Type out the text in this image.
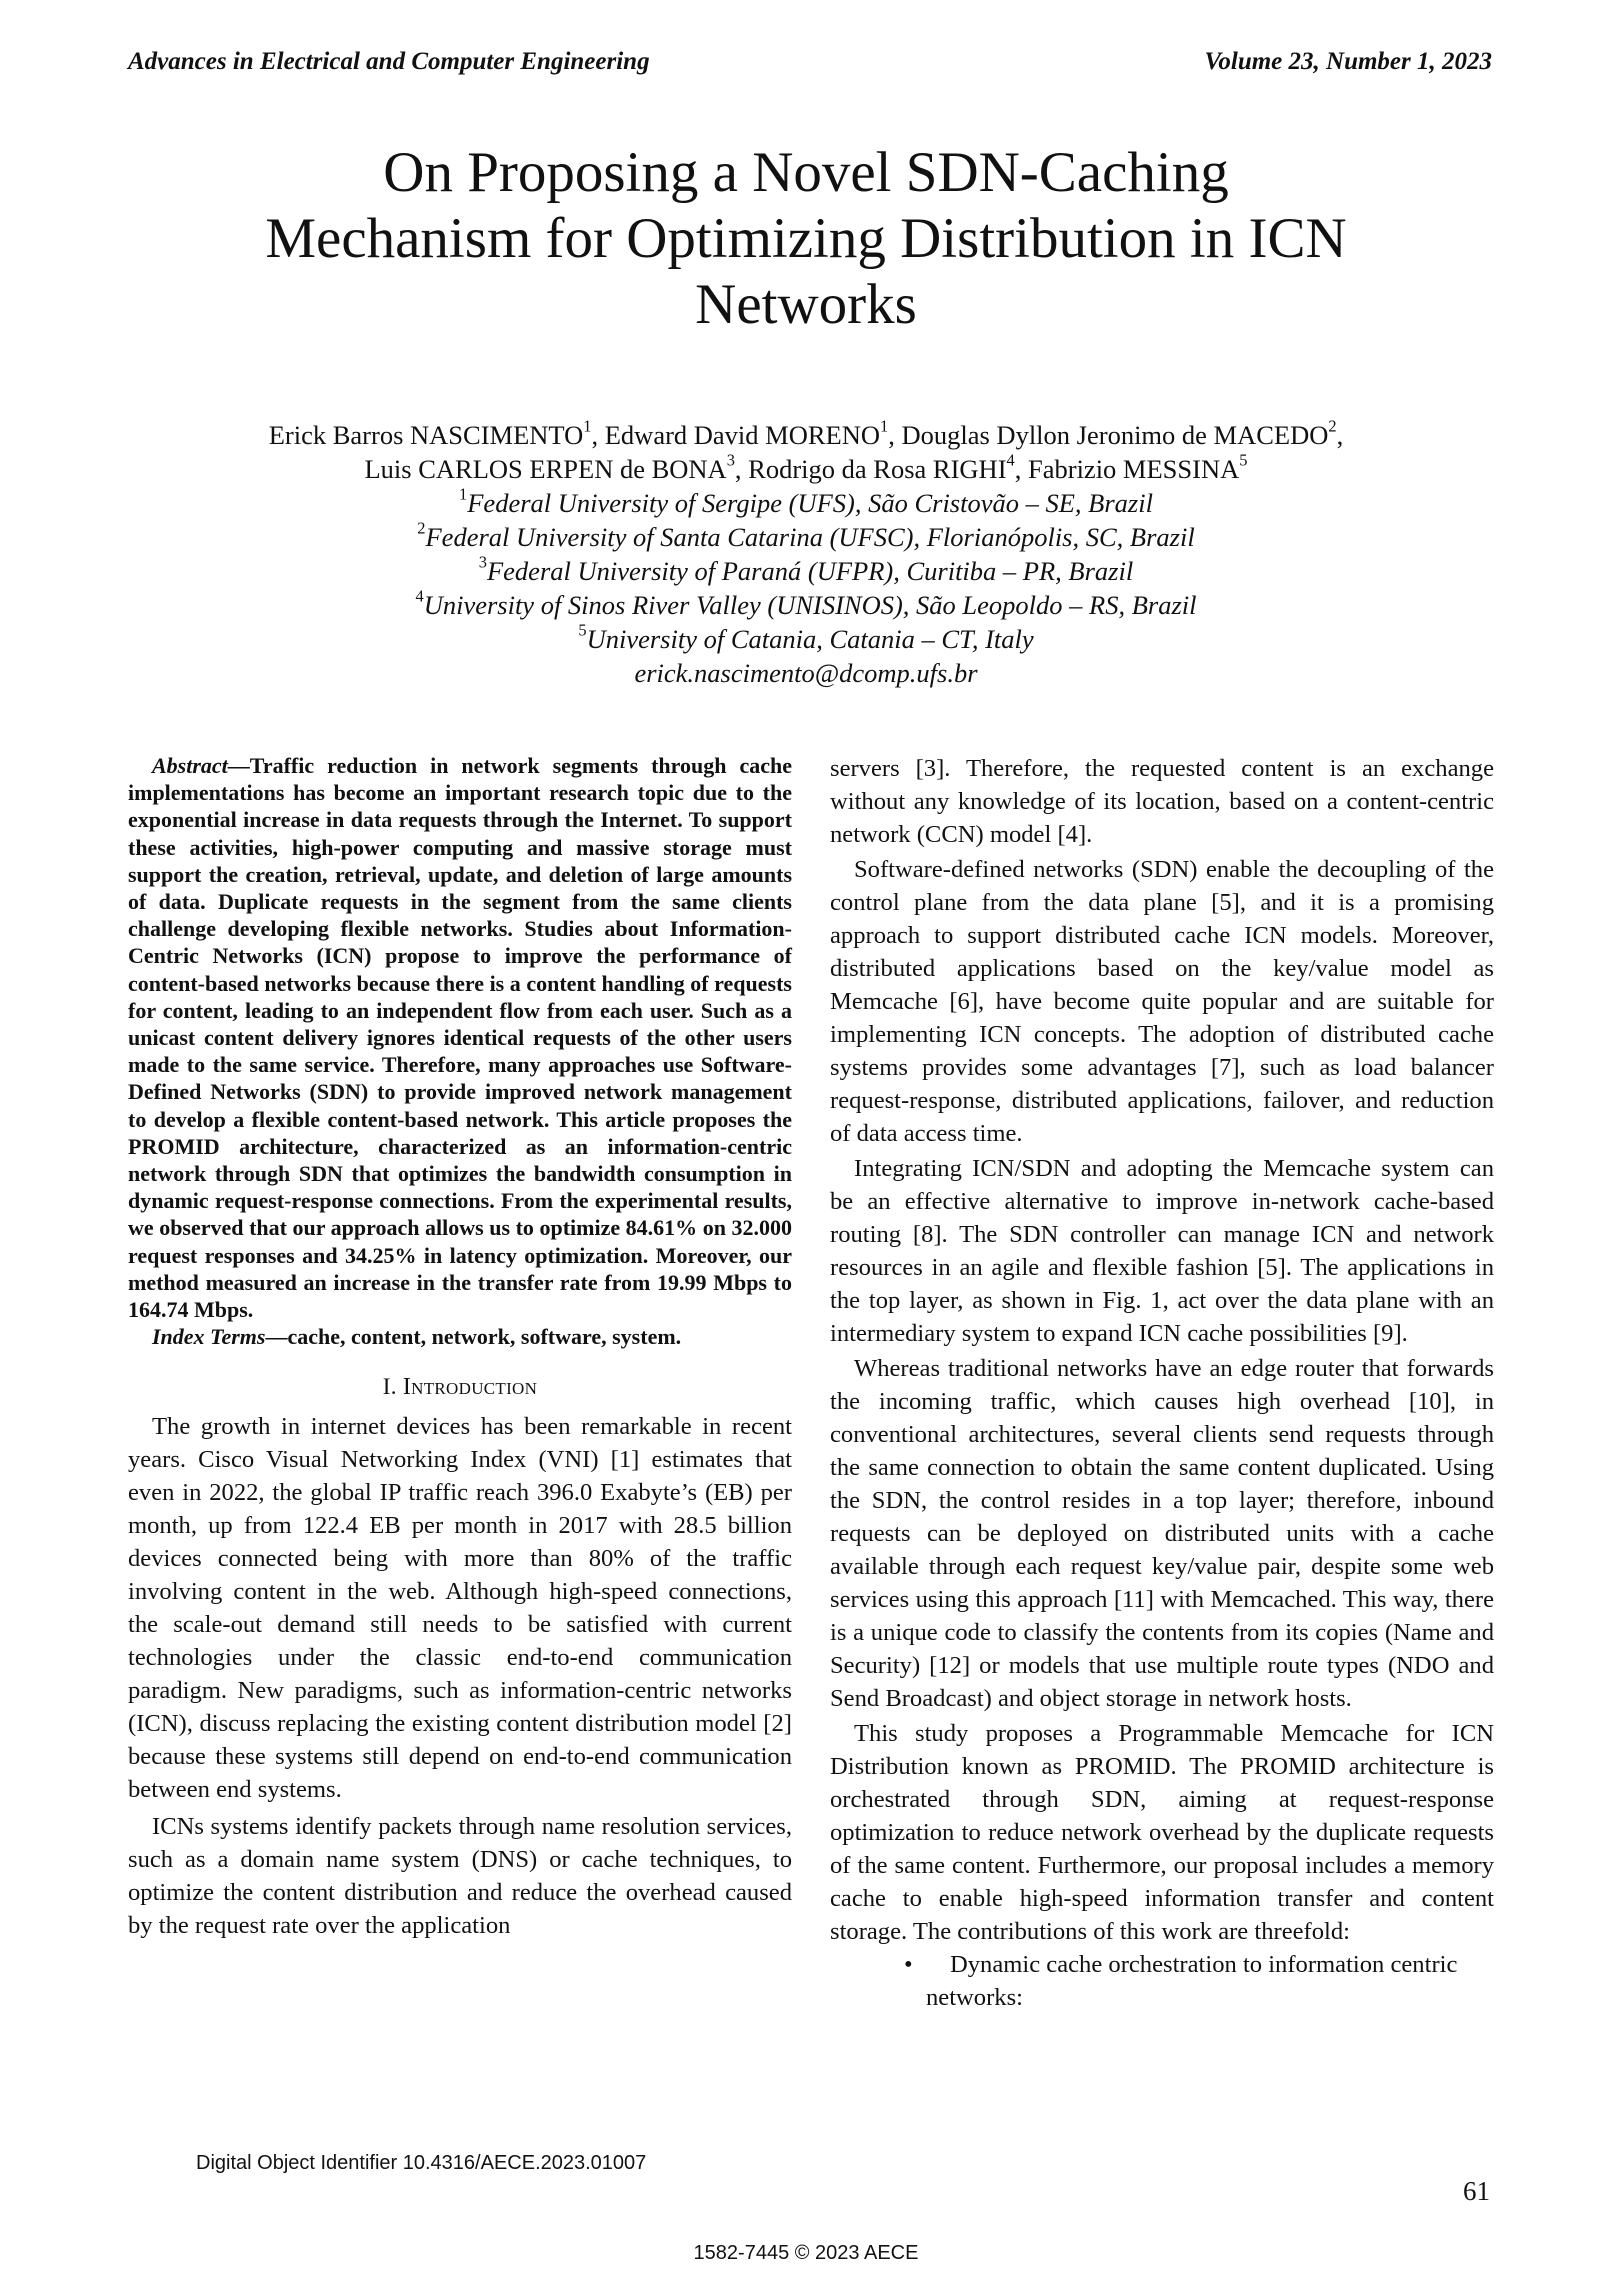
Advances in Electrical and Computer Engineering	Volume 23, Number 1, 2023
On Proposing a Novel SDN-Caching
Mechanism for Optimizing Distribution in ICN
Networks
Erick Barros NASCIMENTO$^1$, Edward David MORENO$^1$, Douglas Dyllon Jeronimo de MACEDO$^2$,
Luis CARLOS ERPEN de BONA$^3$, Rodrigo da Rosa RIGHI$^4$, Fabrizio MESSINA$^5$
$^1$Federal University of Sergipe (UFS), São Cristovão – SE, Brazil
$^2$Federal University of Santa Catarina (UFSC), Florianópolis, SC, Brazil
$^3$Federal University of Paraná (UFPR), Curitiba – PR, Brazil
$^4$University of Sinos River Valley (UNISINOS), São Leopoldo – RS, Brazil
$^5$University of Catania, Catania – CT, Italy
erick.nascimento@dcomp.ufs.br

Abstract—Traffic reduction in network segments through cache implementations has become an important research topic due to the exponential increase in data requests through the Internet. To support these activities, high-power computing and massive storage must support the creation, retrieval, update, and deletion of large amounts of data. Duplicate requests in the segment from the same clients challenge developing flexible networks. Studies about Information-Centric Networks (ICN) propose to improve the performance of content-based networks because there is a content handling of requests for content, leading to an independent flow from each user. Such as a unicast content delivery ignores identical requests of the other users made to the same service. Therefore, many approaches use Software-Defined Networks (SDN) to provide improved network management to develop a flexible content-based network. This article proposes the PROMID architecture, characterized as an information-centric network through SDN that optimizes the bandwidth consumption in dynamic request-response connections. From the experimental results, we observed that our approach allows us to optimize 84.61% on 32.000 request responses and 34.25% in latency optimization. Moreover, our method measured an increase in the transfer rate from 19.99 Mbps to 164.74 Mbps.

Index Terms—cache, content, network, software, system.

I. Introduction

The growth in internet devices has been remarkable in recent years. Cisco Visual Networking Index (VNI) [1] estimates that even in 2022, the global IP traffic reach 396.0 Exabyte’s (EB) per month, up from 122.4 EB per month in 2017 with 28.5 billion devices connected being with more than 80% of the traffic involving content in the web. Although high-speed connections, the scale-out demand still needs to be satisfied with current technologies under the classic end-to-end communication paradigm. New paradigms, such as information-centric networks (ICN), discuss replacing the existing content distribution model [2] because these systems still depend on end-to-end communication between end systems.

ICNs systems identify packets through name resolution services, such as a domain name system (DNS) or cache techniques, to optimize the content distribution and reduce the overhead caused by the request rate over the application

servers [3]. Therefore, the requested content is an exchange without any knowledge of its location, based on a content-centric network (CCN) model [4].

Software-defined networks (SDN) enable the decoupling of the control plane from the data plane [5], and it is a promising approach to support distributed cache ICN models. Moreover, distributed applications based on the key/value model as Memcache [6], have become quite popular and are suitable for implementing ICN concepts. The adoption of distributed cache systems provides some advantages [7], such as load balancer request-response, distributed applications, failover, and reduction of data access time.

Integrating ICN/SDN and adopting the Memcache system can be an effective alternative to improve in-network cache-based routing [8]. The SDN controller can manage ICN and network resources in an agile and flexible fashion [5]. The applications in the top layer, as shown in Fig. 1, act over the data plane with an intermediary system to expand ICN cache possibilities [9].

Whereas traditional networks have an edge router that forwards the incoming traffic, which causes high overhead [10], in conventional architectures, several clients send requests through the same connection to obtain the same content duplicated. Using the SDN, the control resides in a top layer; therefore, inbound requests can be deployed on distributed units with a cache available through each request key/value pair, despite some web services using this approach [11] with Memcached. This way, there is a unique code to classify the contents from its copies (Name and Security) [12] or models that use multiple route types (NDO and Send Broadcast) and object storage in network hosts.

This study proposes a Programmable Memcache for ICN Distribution known as PROMID. The PROMID architecture is orchestrated through SDN, aiming at request-response optimization to reduce network overhead by the duplicate requests of the same content. Furthermore, our proposal includes a memory cache to enable high-speed information transfer and content storage. The contributions of this work are threefold:

• Dynamic cache orchestration to information centric networks:

Digital Object Identifier 10.4316/AECE.2023.01007
61
1582-7445 © 2023 AECE
